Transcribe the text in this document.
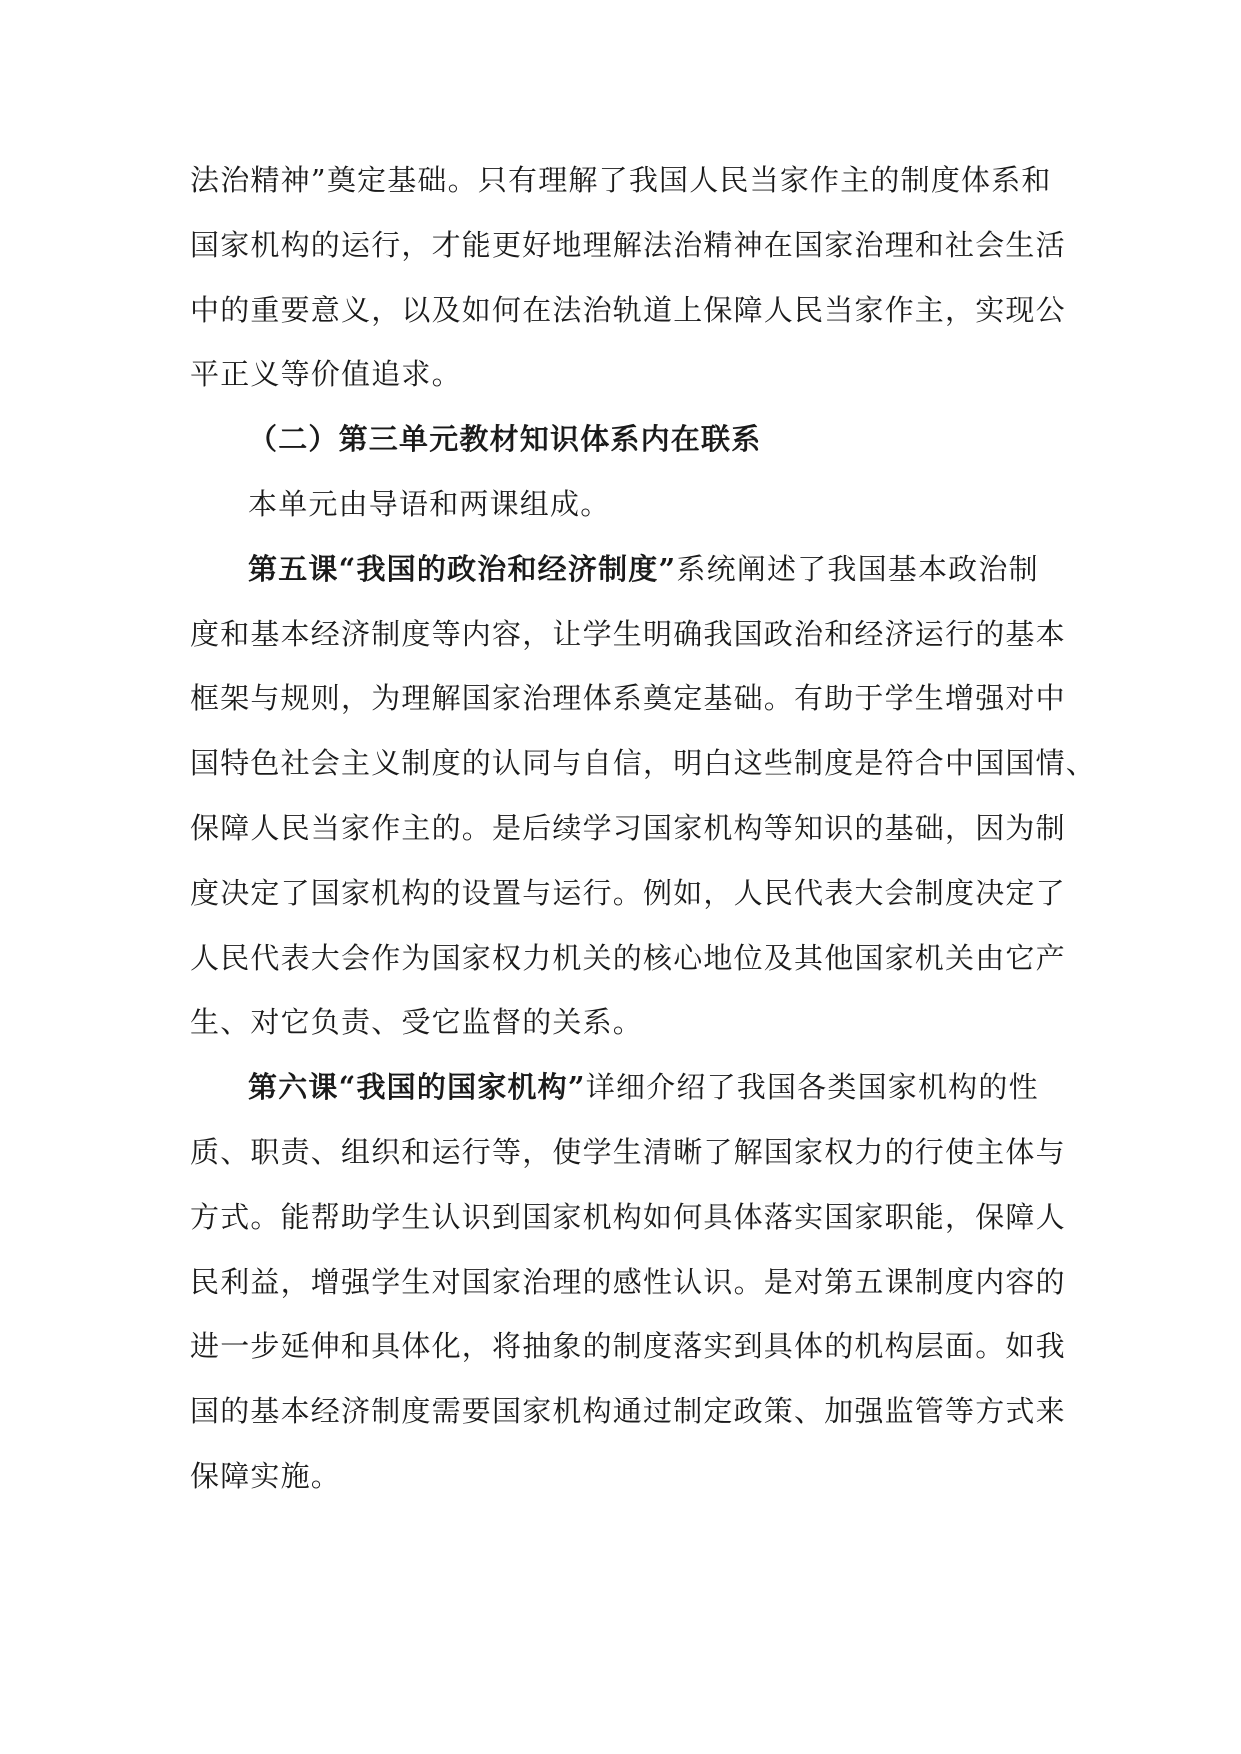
法治精神”奠定基础。只有理解了我国人民当家作主的制度体系和
国家机构的运行，才能更好地理解法治精神在国家治理和社会生活
中的重要意义，以及如何在法治轨道上保障人民当家作主，实现公
平正义等价值追求。
（二）第三单元教材知识体系内在联系
本单元由导语和两课组成。
第五课“我国的政治和经济制度”系统阐述了我国基本政治制
度和基本经济制度等内容，让学生明确我国政治和经济运行的基本
框架与规则，为理解国家治理体系奠定基础。有助于学生增强对中
国特色社会主义制度的认同与自信，明白这些制度是符合中国国情、
保障人民当家作主的。是后续学习国家机构等知识的基础，因为制
度决定了国家机构的设置与运行。例如，人民代表大会制度决定了
人民代表大会作为国家权力机关的核心地位及其他国家机关由它产
生、对它负责、受它监督的关系。
第六课“我国的国家机构”详细介绍了我国各类国家机构的性
质、职责、组织和运行等，使学生清晰了解国家权力的行使主体与
方式。能帮助学生认识到国家机构如何具体落实国家职能，保障人
民利益，增强学生对国家治理的感性认识。是对第五课制度内容的
进一步延伸和具体化，将抽象的制度落实到具体的机构层面。如我
国的基本经济制度需要国家机构通过制定政策、加强监管等方式来
保障实施。
